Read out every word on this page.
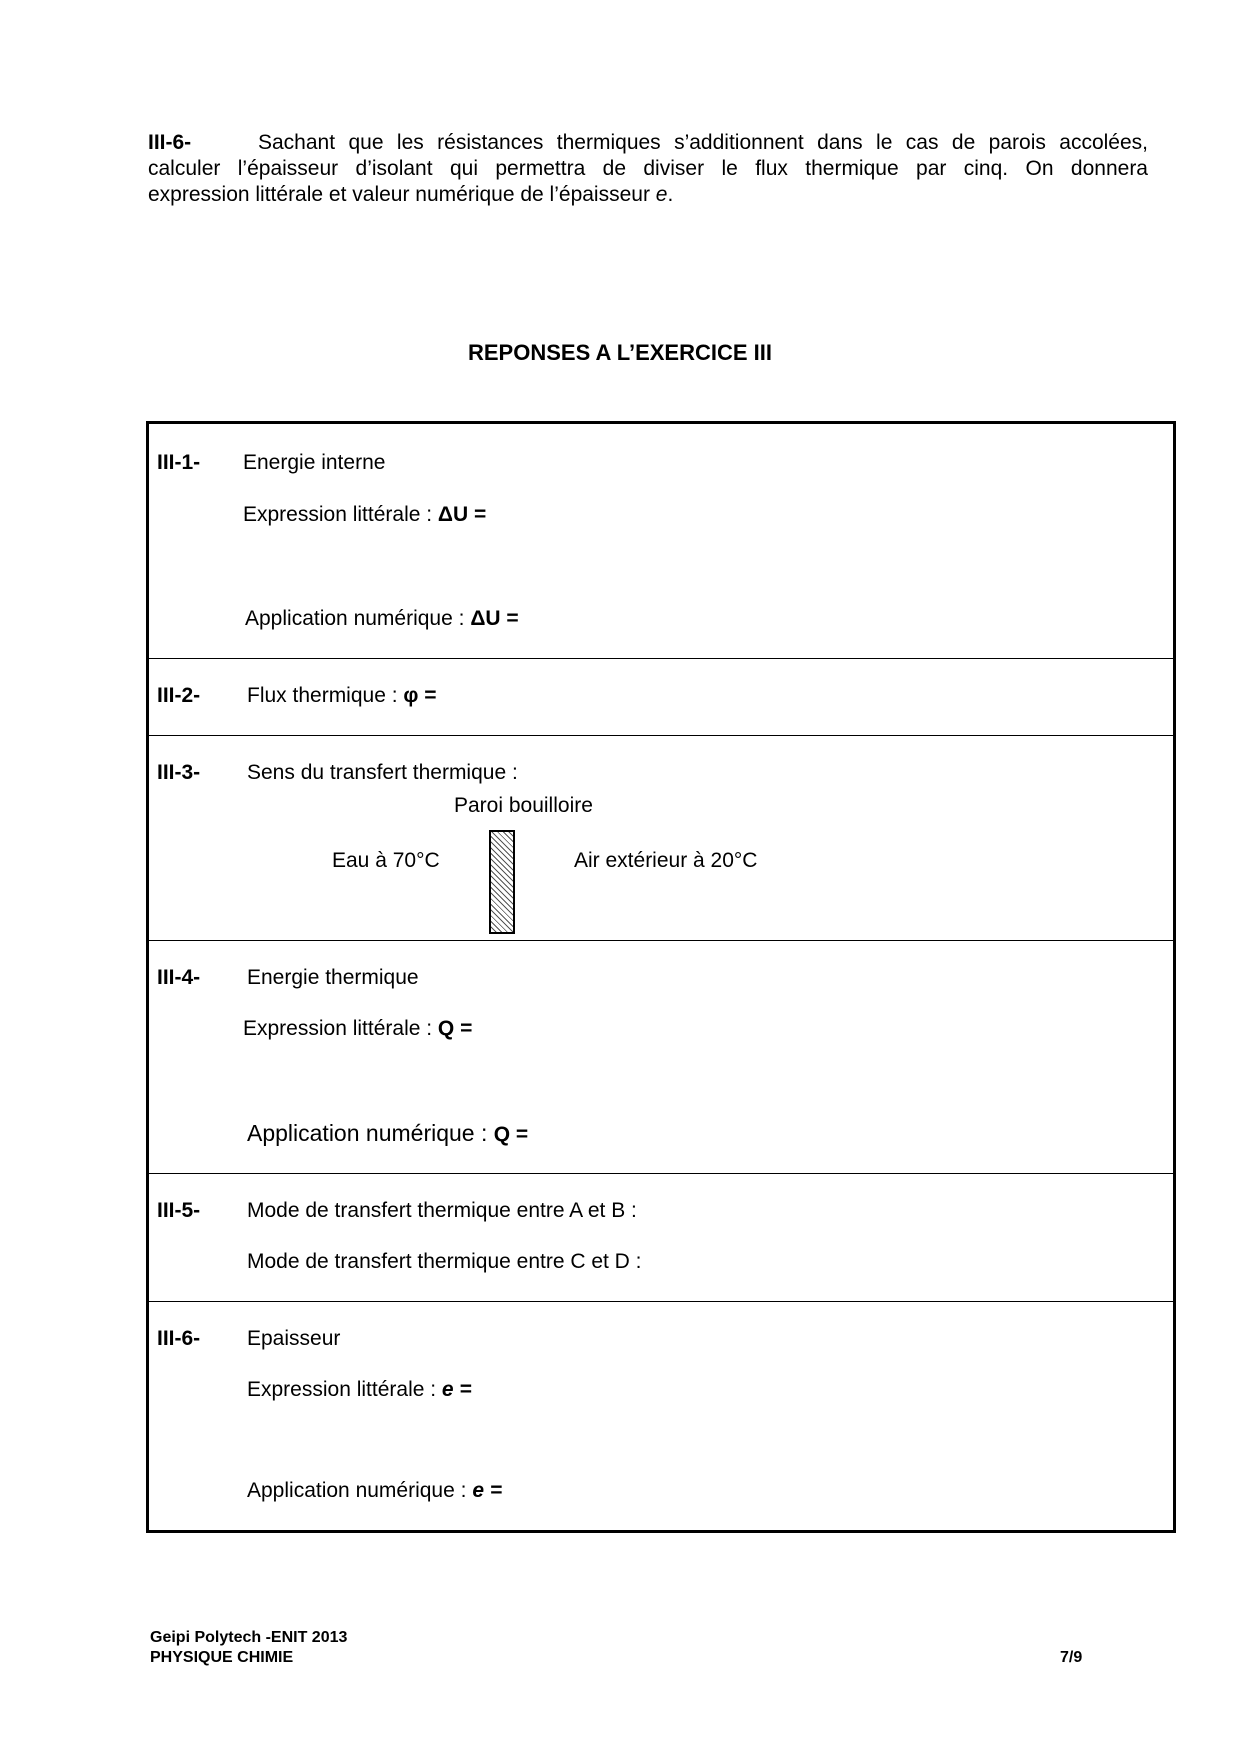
III-6-	Sachant que les résistances thermiques s’additionnent dans le cas de parois accolées,
calculer l’épaisseur d’isolant qui permettra de diviser le flux thermique par cinq. On donnera
expression littérale et valeur numérique de l’épaisseur e.
REPONSES A L’EXERCICE III
III-1- Energie interne
Expression littérale : ΔU =
Application numérique : ΔU =
III-2- Flux thermique : φ =
III-3- Sens du transfert thermique :
Paroi bouilloire
Eau à 70°C	Air extérieur à 20°C
III-4- Energie thermique
Expression littérale : Q =
Application numérique : Q =
III-5- Mode de transfert thermique entre A et B :
Mode de transfert thermique entre C et D :
III-6- Epaisseur
Expression littérale : e =
Application numérique : e =
Geipi Polytech -ENIT 2013
PHYSIQUE CHIMIE	7/9
